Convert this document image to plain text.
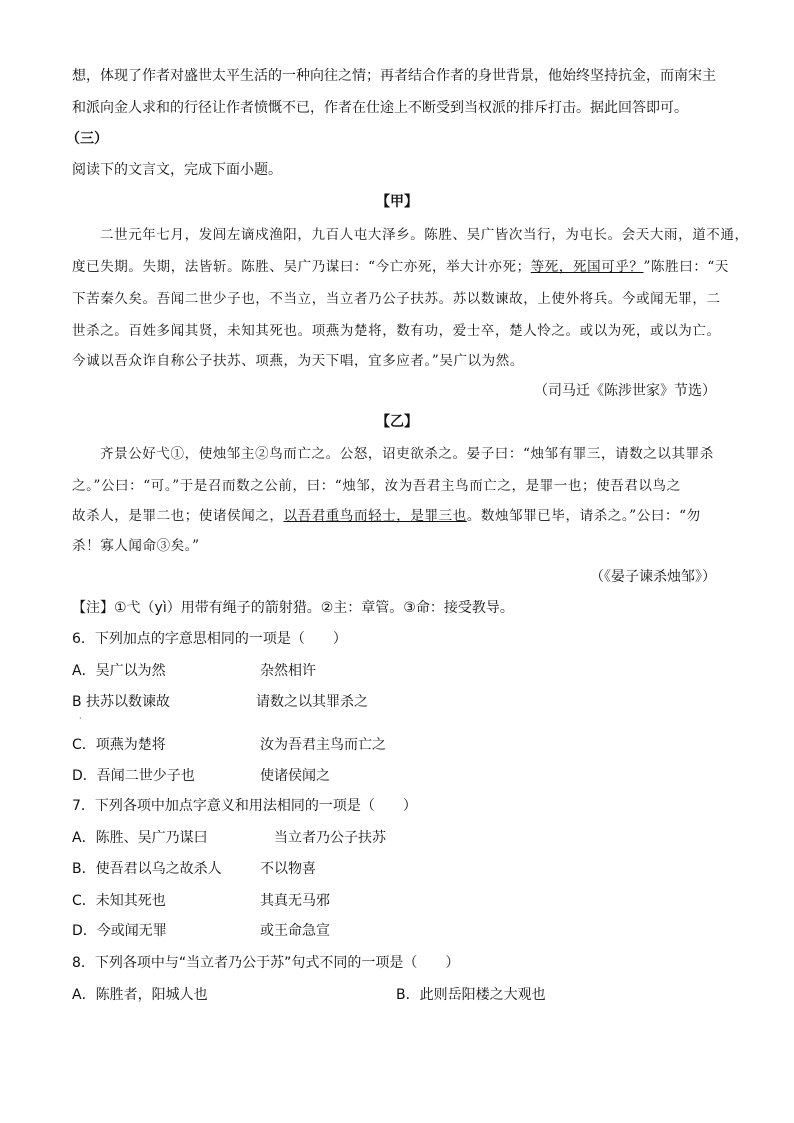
想，体现了作者对盛世太平生活的一种向往之情；再者结合作者的身世背景，他始终坚持抗金，而南宋主
和派向金人求和的行径让作者愤慨不已，作者在仕途上不断受到当权派的排斥打击。据此回答即可。
（三）
阅读下的文言文，完成下面小题。
【甲】
二世元年七月，发闾左谪戍渔阳，九百人屯大泽乡。陈胜、吴广皆次当行，为屯长。会天大雨，道不通，
度已失期。失期，法皆斩。陈胜、吴广乃谋曰：“今亡亦死，举大计亦死；等死，死国可乎？”陈胜曰：“天
下苦秦久矣。吾闻二世少子也，不当立，当立者乃公子扶苏。苏以数谏故，上使外将兵。今或闻无罪，二
世杀之。百姓多闻其贤，未知其死也。项燕为楚将，数有功，爱士卒，楚人怜之。或以为死，或以为亡。
今诚以吾众诈自称公子扶苏、项燕，为天下唱，宜多应者。”吴广以为然。
（司马迁《陈涉世家》节选）
【乙】
齐景公好弋①，使烛邹主②鸟而亡之。公怒，诏吏欲杀之。晏子曰：“烛邹有罪三，请数之以其罪杀
之。”公曰：“可。”于是召而数之公前，曰：“烛邹，汝为吾君主鸟而亡之，是罪一也；使吾君以鸟之
故杀人，是罪二也；使诸侯闻之，以吾君重鸟而轻士，是罪三也。数烛邹罪已毕，请杀之。”公曰：“勿
杀！寡人闻命③矣。”
（《晏子谏杀烛邹》）
【注】①弋（yì）用带有绳子的箭射猎。②主：章管。③命：接受教导。
6．下列加点的字意思相同的一项是（　　）
A．吴广以为然	杂然相许
B 扶苏以数谏故	请数之以其罪杀之
·
C．项燕为楚将	汝为吾君主鸟而亡之
D．吾闻二世少子也	使诸侯闻之
7．下列各项中加点字意义和用法相同的一项是（　　）
A．陈胜、吴广乃谋曰	当立者乃公子扶苏
B．使吾君以乌之故杀人	不以物喜
C．未知其死也	其真无马邪
D．今或闻无罪	或王命急宣
8．下列各项中与“当立者乃公于苏”句式不同的一项是（　　）
A．陈胜者，阳城人也	B．此则岳阳楼之大观也
